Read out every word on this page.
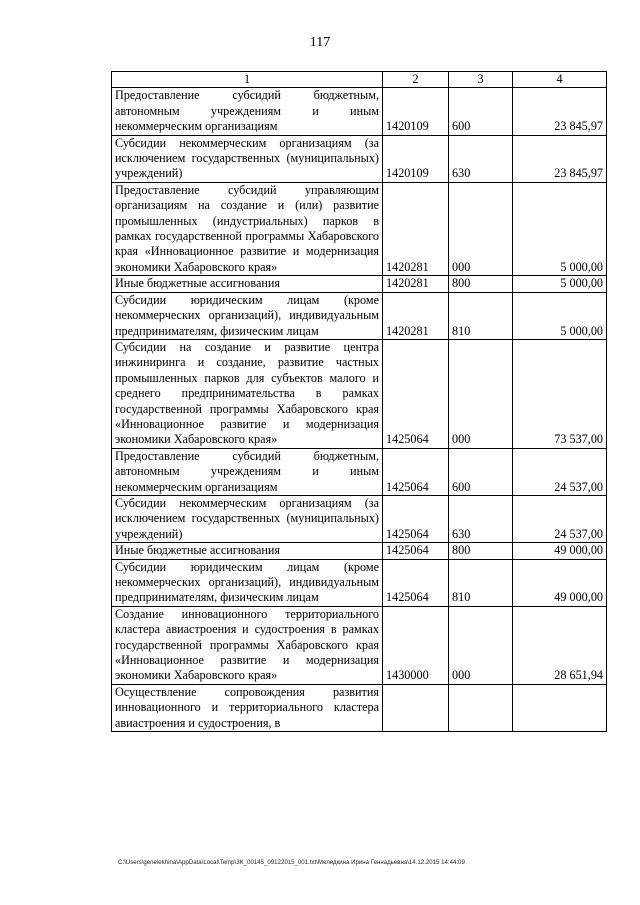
117
1	2	3	4
Предоставление субсидий бюджетным, автономным учреждениям и иным некоммерческим организациям	1420109	600	23 845,97
Субсидии некоммерческим организациям (за исключением государственных (муниципальных) учреждений)	1420109	630	23 845,97
Предоставление субсидий управляющим организациям на создание и (или) развитие промышленных (индустриальных) парков в рамках государственной программы Хабаровского края «Инновационное развитие и модернизация экономики Хабаровского края»	1420281	000	5 000,00
Иные бюджетные ассигнования	1420281	800	5 000,00
Субсидии юридическим лицам (кроме некоммерческих организаций), индивидуальным предпринимателям, физическим лицам	1420281	810	5 000,00
Субсидии на создание и развитие центра инжиниринга и создание, развитие частных промышленных парков для субъектов малого и среднего предпринимательства в рамках государственной программы Хабаровского края «Инновационное развитие и модернизация экономики Хабаровского края»	1425064	000	73 537,00
Предоставление субсидий бюджетным, автономным учреждениям и иным некоммерческим организациям	1425064	600	24 537,00
Субсидии некоммерческим организациям (за исключением государственных (муниципальных) учреждений)	1425064	630	24 537,00
Иные бюджетные ассигнования	1425064	800	49 000,00
Субсидии юридическим лицам (кроме некоммерческих организаций), индивидуальным предпринимателям, физическим лицам	1425064	810	49 000,00
Создание инновационного территориального кластера авиастроения и судостроения в рамках государственной программы Хабаровского края «Инновационное развитие и модернизация экономики Хабаровского края»	1430000	000	28 651,94
Осуществление сопровождения развития инновационного и территориального кластера авиастроения и судостроения, в			
C:\Users\genelekhina\AppData\Local\Temp\3K_00145_09122015_001.txt\Меледкина Ирина Геннадьевна\14.12.2015 14:44:09
